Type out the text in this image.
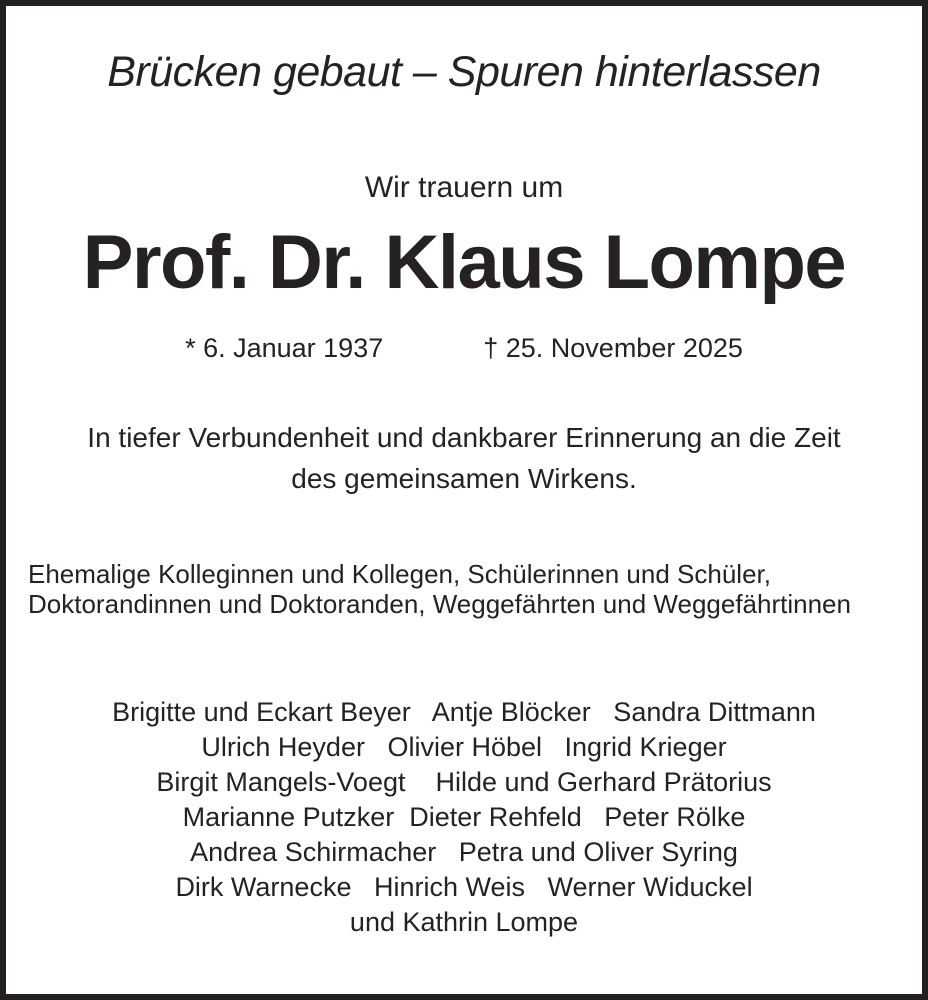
Brücken gebaut – Spuren hinterlassen
Wir trauern um
Prof. Dr. Klaus Lompe
* 6. Januar 1937	† 25. November 2025
In tiefer Verbundenheit und dankbarer Erinnerung an die Zeit
des gemeinsamen Wirkens.
Ehemalige Kolleginnen und Kollegen, Schülerinnen und Schüler,
Doktorandinnen und Doktoranden, Weggefährten und Weggefährtinnen
Brigitte und Eckart Beyer   Antje Blöcker   Sandra Dittmann
Ulrich Heyder   Olivier Höbel   Ingrid Krieger
Birgit Mangels-Voegt    Hilde und Gerhard Prätorius
Marianne Putzker  Dieter Rehfeld   Peter Rölke
Andrea Schirmacher   Petra und Oliver Syring
Dirk Warnecke   Hinrich Weis   Werner Widuckel
und Kathrin Lompe
